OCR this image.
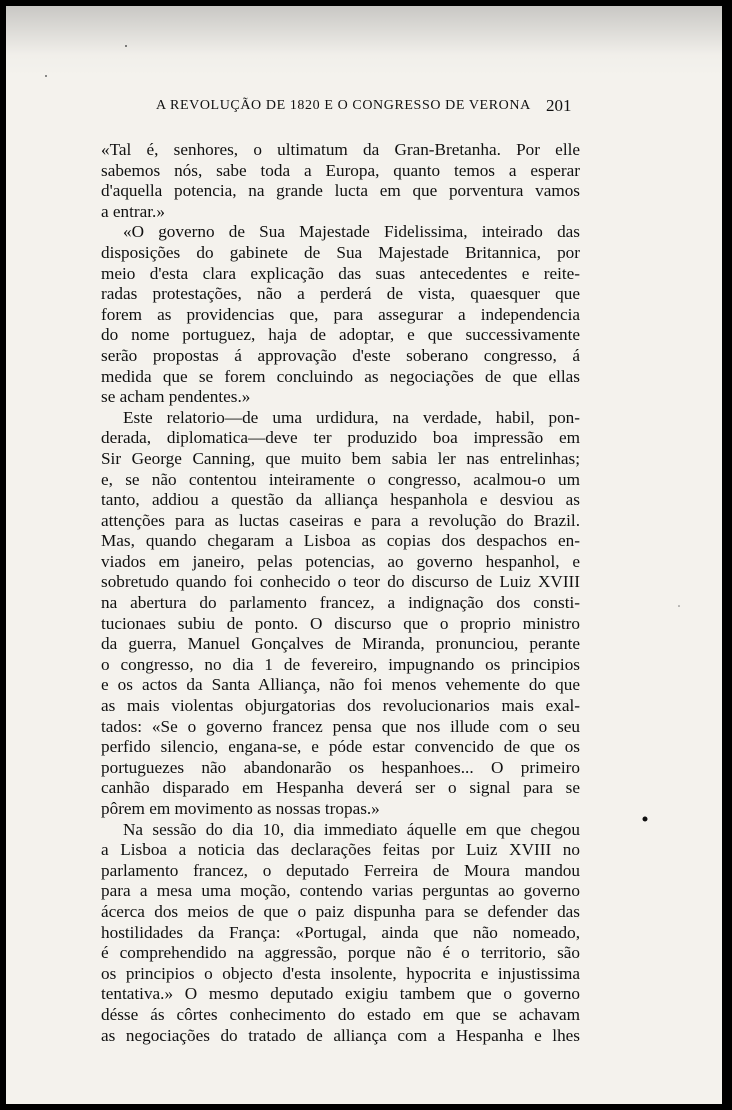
A REVOLUÇÃO DE 1820 E O CONGRESSO DE VERONA 201
«Tal é, senhores, o ultimatum da Gran-Bretanha. Por elle
sabemos nós, sabe toda a Europa, quanto temos a esperar
d'aquella potencia, na grande lucta em que porventura vamos
a entrar.»
«O governo de Sua Majestade Fidelissima, inteirado das
disposições do gabinete de Sua Majestade Britannica, por
meio d'esta clara explicação das suas antecedentes e reite-
radas protestações, não a perderá de vista, quaesquer que
forem as providencias que, para assegurar a independencia
do nome portuguez, haja de adoptar, e que successivamente
serão propostas á approvação d'este soberano congresso, á
medida que se forem concluindo as negociações de que ellas
se acham pendentes.»
Este relatorio—de uma urdidura, na verdade, habil, pon-
derada, diplomatica—deve ter produzido boa impressão em
Sir George Canning, que muito bem sabia ler nas entrelinhas;
e, se não contentou inteiramente o congresso, acalmou-o um
tanto, addiou a questão da alliança hespanhola e desviou as
attenções para as luctas caseiras e para a revolução do Brazil.
Mas, quando chegaram a Lisboa as copias dos despachos en-
viados em janeiro, pelas potencias, ao governo hespanhol, e
sobretudo quando foi conhecido o teor do discurso de Luiz XVIII
na abertura do parlamento francez, a indignação dos consti-
tucionaes subiu de ponto. O discurso que o proprio ministro
da guerra, Manuel Gonçalves de Miranda, pronunciou, perante
o congresso, no dia 1 de fevereiro, impugnando os principios
e os actos da Santa Alliança, não foi menos vehemente do que
as mais violentas objurgatorias dos revolucionarios mais exal-
tados: «Se o governo francez pensa que nos illude com o seu
perfido silencio, engana-se, e póde estar convencido de que os
portuguezes não abandonarão os hespanhoes... O primeiro
canhão disparado em Hespanha deverá ser o signal para se
pôrem em movimento as nossas tropas.»
Na sessão do dia 10, dia immediato áquelle em que chegou
a Lisboa a noticia das declarações feitas por Luiz XVIII no
parlamento francez, o deputado Ferreira de Moura mandou
para a mesa uma moção, contendo varias perguntas ao governo
ácerca dos meios de que o paiz dispunha para se defender das
hostilidades da França: «Portugal, ainda que não nomeado,
é comprehendido na aggressão, porque não é o territorio, são
os principios o objecto d'esta insolente, hypocrita e injustissima
tentativa.» O mesmo deputado exigiu tambem que o governo
désse ás côrtes conhecimento do estado em que se achavam
as negociações do tratado de alliança com a Hespanha e lhes
